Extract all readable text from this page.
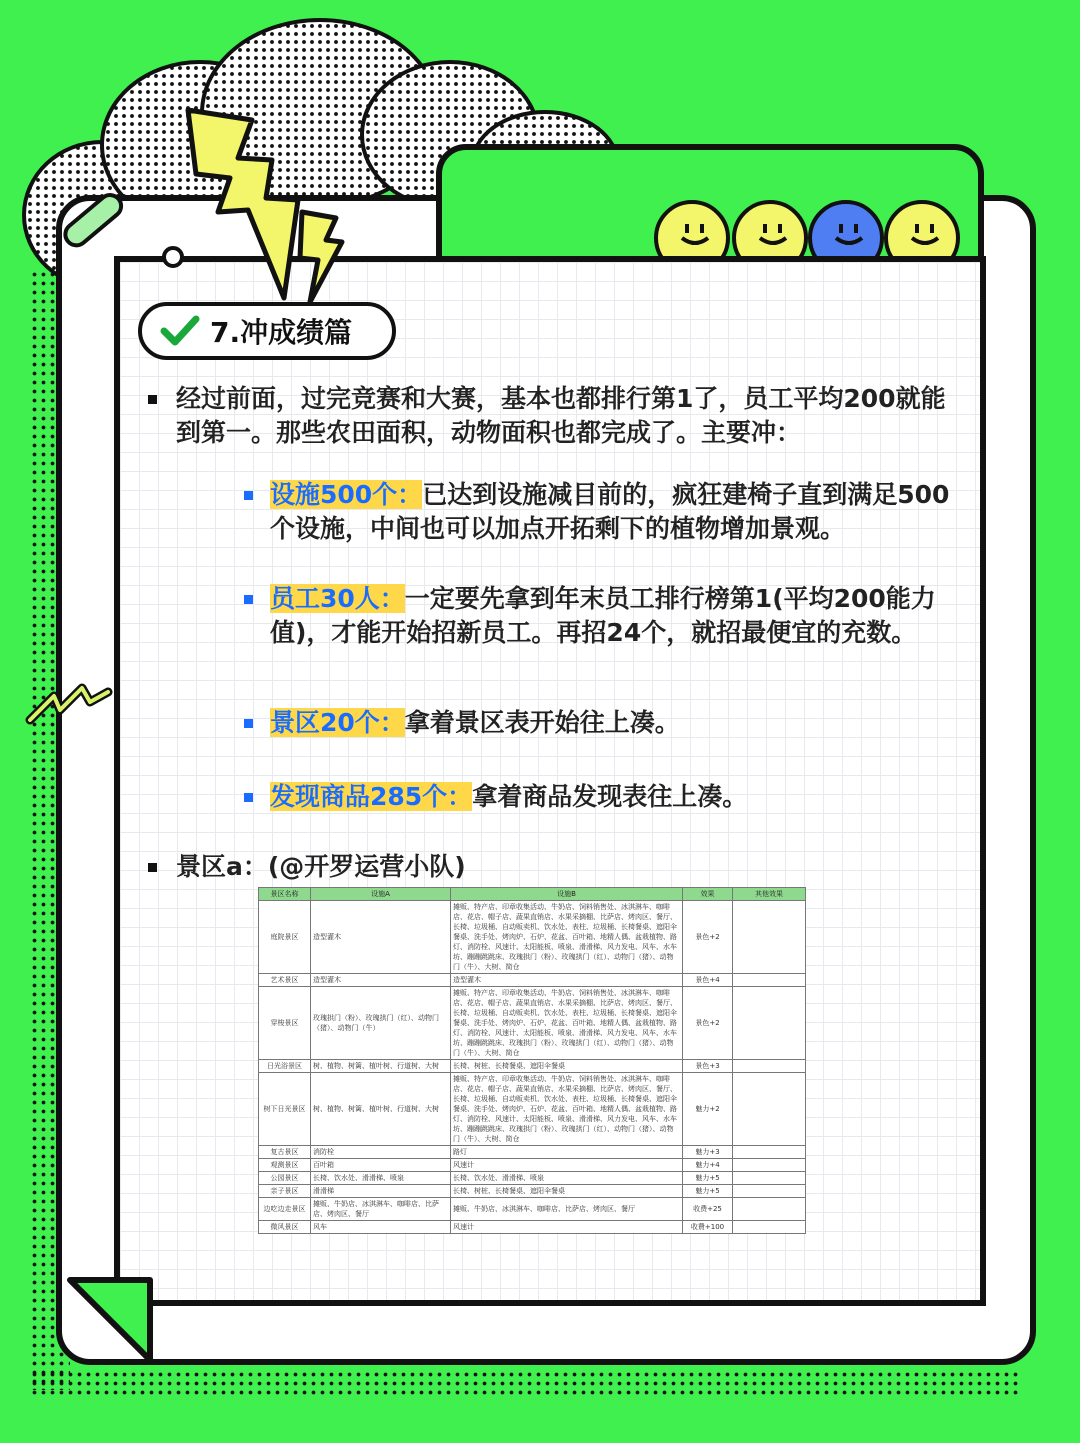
7.冲成绩篇
经过前面，过完竞赛和大赛，基本也都排行第1了，员工平均200就能到第一。那些农田面积，动物面积也都完成了。主要冲：
设施500个：已达到设施减目前的，疯狂建椅子直到满足500个设施，中间也可以加点开拓剩下的植物增加景观。
员工30人：一定要先拿到年末员工排行榜第1(平均200能力值)，才能开始招新员工。再招24个，就招最便宜的充数。
景区20个：拿着景区表开始往上凑。
发现商品285个：拿着商品发现表往上凑。
景区a：(@开罗运营小队)
景区名称	设施A	设施B	效果	其他效果
庭院景区	造型灌木	摊贩、特产店、印章收集活动、牛奶店、饲料销售处、冰淇淋车、咖啡店、花店、帽子店、蔬果直销店、水果采摘棚、比萨店、烤肉区、餐厅、长椅、垃圾桶、自动贩卖机、饮水处、表柱、垃圾桶、长椅餐桌、遮阳伞餐桌、洗手处、烤肉炉、石炉、花盆、百叶箱、地精人偶、盆栽植物、路灯、消防栓、风速计、太阳能板、喷泉、滑滑梯、风力发电、风车、水车坊、蹦蹦跳跳床、玫瑰拱门（粉）、玫瑰拱门（红）、动物门（猪）、动物门（牛）、大树、简仓	景色+2	
艺术景区	造型灌木	造型灌木	景色+4	
穿梭景区	玫瑰拱门（粉）、玫瑰拱门（红）、动物门（猪）、动物门（牛）	摊贩、特产店、印章收集活动、牛奶店、饲料销售处、冰淇淋车、咖啡店、花店、帽子店、蔬果直销店、水果采摘棚、比萨店、烤肉区、餐厅、长椅、垃圾桶、自动贩卖机、饮水处、表柱、垃圾桶、长椅餐桌、遮阳伞餐桌、洗手处、烤肉炉、石炉、花盆、百叶箱、地精人偶、盆栽植物、路灯、消防栓、风速计、太阳能板、喷泉、滑滑梯、风力发电、风车、水车坊、蹦蹦跳跳床、玫瑰拱门（粉）、玫瑰拱门（红）、动物门（猪）、动物门（牛）、大树、简仓	景色+2	
日光浴景区	树、植物、树篱、植叶树、行道树、大树	长椅、树桩、长椅餐桌、遮阳伞餐桌	景色+3	
树下日光景区	树、植物、树篱、植叶树、行道树、大树	摊贩、特产店、印章收集活动、牛奶店、饲料销售处、冰淇淋车、咖啡店、花店、帽子店、蔬果直销店、水果采摘棚、比萨店、烤肉区、餐厅、长椅、垃圾桶、自动贩卖机、饮水处、表柱、垃圾桶、长椅餐桌、遮阳伞餐桌、洗手处、烤肉炉、石炉、花盆、百叶箱、地精人偶、盆栽植物、路灯、消防栓、风速计、太阳能板、喷泉、滑滑梯、风力发电、风车、水车坊、蹦蹦跳跳床、玫瑰拱门（粉）、玫瑰拱门（红）、动物门（猪）、动物门（牛）、大树、简仓	魅力+2	
复古景区	消防栓	路灯	魅力+3	
观测景区	百叶箱	风速计	魅力+4	
公园景区	长椅、饮水处、滑滑梯、喷泉	长椅、饮水处、滑滑梯、喷泉	魅力+5	
亲子景区	滑滑梯	长椅、树桩、长椅餐桌、遮阳伞餐桌	魅力+5	
边吃边走景区	摊贩、牛奶店、冰淇淋车、咖啡店、比萨店、烤肉区、餐厅	摊贩、牛奶店、冰淇淋车、咖啡店、比萨店、烤肉区、餐厅	收费+25	
微风景区	风车	风速计	收費+100	
